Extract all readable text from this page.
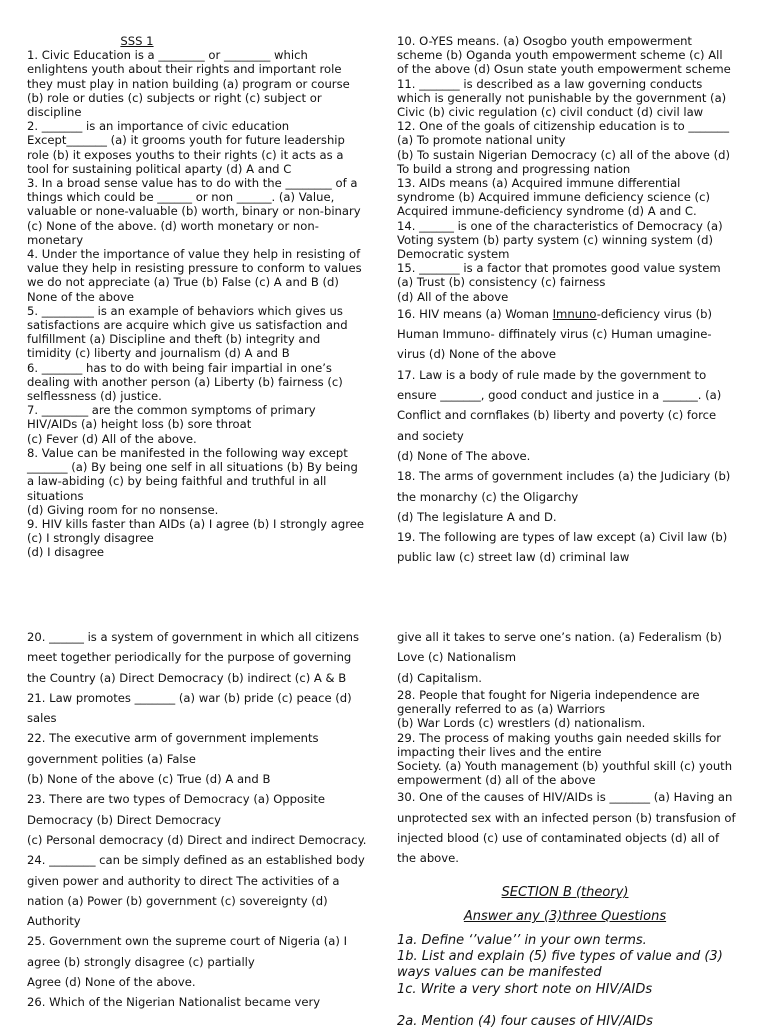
SSS 1

1. Civic Education is a ________ or ________ which enlightens youth about their rights and important role they must play in nation building (a) program or course (b) role or duties (c) subjects or right (c) subject or discipline

2. _______ is an importance of civic education Except_______ (a) it grooms youth for future leadership role (b) it exposes youths to their rights (c) it acts as a tool for sustaining political aparty (d) A and C

3. In a broad sense value has to do with the ________ of a things which could be ______ or non ______. (a) Value, valuable or none-valuable (b) worth, binary or non-binary (c) None of the above. (d) worth monetary or non-monetary

4. Under the importance of value they help in resisting of value they help in resisting pressure to conform to values we do not appreciate (a) True (b) False (c) A and B (d) None of the above

5. _________ is an example of behaviors which gives us satisfactions are acquire which give us satisfaction and fulfillment (a) Discipline and theft (b) integrity and timidity (c) liberty and journalism (d) A and B

6. _______ has to do with being fair impartial in one’s dealing with another person (a) Liberty (b) fairness (c) selflessness (d) justice.

7. ________ are the common symptoms of primary HIV/AIDs (a) height loss (b) sore throat

(c) Fever (d) All of the above.

8. Value can be manifested in the following way except _______ (a) By being one self in all situations (b) By being a law-abiding (c) by being faithful and truthful in all situations

(d) Giving room for no nonsense.

9. HIV kills faster than AIDs (a) I agree (b) I strongly agree (c) I strongly disagree

(d) I disagree

10. O-YES means. (a) Osogbo youth empowerment scheme (b) Oganda youth empowerment scheme (c) All of the above (d) Osun state youth empowerment scheme

11. _______ is described as a law governing conducts which is generally not punishable by the government (a) Civic (b) civic regulation (c) civil conduct (d) civil law

12. One of the goals of citizenship education is to _______

(a) To promote national unity

(b) To sustain Nigerian Democracy (c) all of the above (d) To build a strong and progressing nation

13. AIDs means (a) Acquired immune differential syndrome (b) Acquired immune deficiency science (c) Acquired immune-deficiency syndrome (d) A and C.

14. ______ is one of the characteristics of Democracy (a) Voting system (b) party system (c) winning system (d) Democratic system

15. _______ is a factor that promotes good value system (a) Trust (b) consistency (c) fairness

(d) All of the above

16. HIV means (a) Woman Imnuno-deficiency virus (b) Human Immuno- diffinately virus (c) Human umagine-virus (d) None of the above

17. Law is a body of rule made by the government to ensure _______, good conduct and justice in a ______. (a) Conflict and cornflakes (b) liberty and poverty (c) force and society

(d) None of The above.

18. The arms of government includes (a) the Judiciary (b) the monarchy (c) the Oligarchy

(d) The legislature A and D.

19. The following are types of law except (a) Civil law (b) public law (c) street law (d) criminal law

20. ______ is a system of government in which all citizens meet together periodically for the purpose of governing the Country (a) Direct Democracy (b) indirect (c) A & B

21. Law promotes _______ (a) war (b) pride (c) peace (d) sales

22. The executive arm of government implements government polities (a) False

(b) None of the above (c) True (d) A and B

23. There are two types of Democracy (a) Opposite Democracy (b) Direct Democracy

(c) Personal democracy (d) Direct and indirect Democracy.

24. ________ can be simply defined as an established body given power and authority to direct The activities of a nation (a) Power (b) government (c) sovereignty (d) Authority

25. Government own the supreme court of Nigeria (a) I agree (b) strongly disagree (c) partially

Agree (d) None of the above.

26. Which of the Nigerian Nationalist became very

give all it takes to serve one’s nation. (a) Federalism (b) Love (c) Nationalism

(d) Capitalism.

28. People that fought for Nigeria independence are generally referred to as (a) Warriors

(b) War Lords (c) wrestlers (d) nationalism.

29. The process of making youths gain needed skills for impacting their lives and the entire

Society. (a) Youth management (b) youthful skill (c) youth empowerment (d) all of the above

30. One of the causes of HIV/AIDs is _______ (a) Having an unprotected sex with an infected person (b) transfusion of injected blood (c) use of contaminated objects (d) all of the above.

SECTION B (theory)
Answer any (3)three Questions

1a. Define ‘’value’’ in your own terms.

1b. List and explain (5) five types of value and (3) ways values can be manifested

1c. Write a very short note on HIV/AIDs

2a. Mention (4) four causes of HIV/AIDs
